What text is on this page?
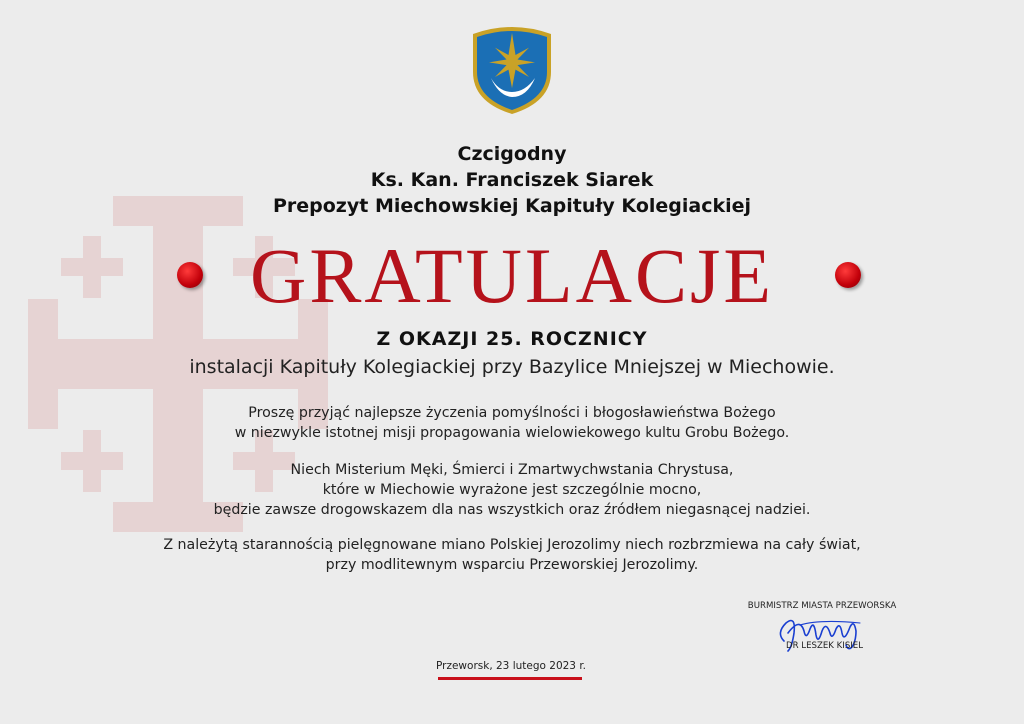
Czcigodny
Ks. Kan. Franciszek Siarek
Prepozyt Miechowskiej Kapituły Kolegiackiej
GRATULACJE
Z OKAZJI 25. ROCZNICY
instalacji Kapituły Kolegiackiej przy Bazylice Mniejszej w Miechowie.
Proszę przyjąć najlepsze życzenia pomyślności i błogosławieństwa Bożego
w niezwykle istotnej misji propagowania wielowiekowego kultu Grobu Bożego.
Niech Misterium Męki, Śmierci i Zmartwychwstania Chrystusa,
które w Miechowie wyrażone jest szczególnie mocno,
będzie zawsze drogowskazem dla nas wszystkich oraz źródłem niegasnącej nadziei.
Z należytą starannością pielęgnowane miano Polskiej Jerozolimy niech rozbrzmiewa na cały świat,
przy modlitewnym wsparciu Przeworskiej Jerozolimy.
BURMISTRZ MIASTA PRZEWORSKA
DR LESZEK KISIEL
Przeworsk, 23 lutego 2023 r.
